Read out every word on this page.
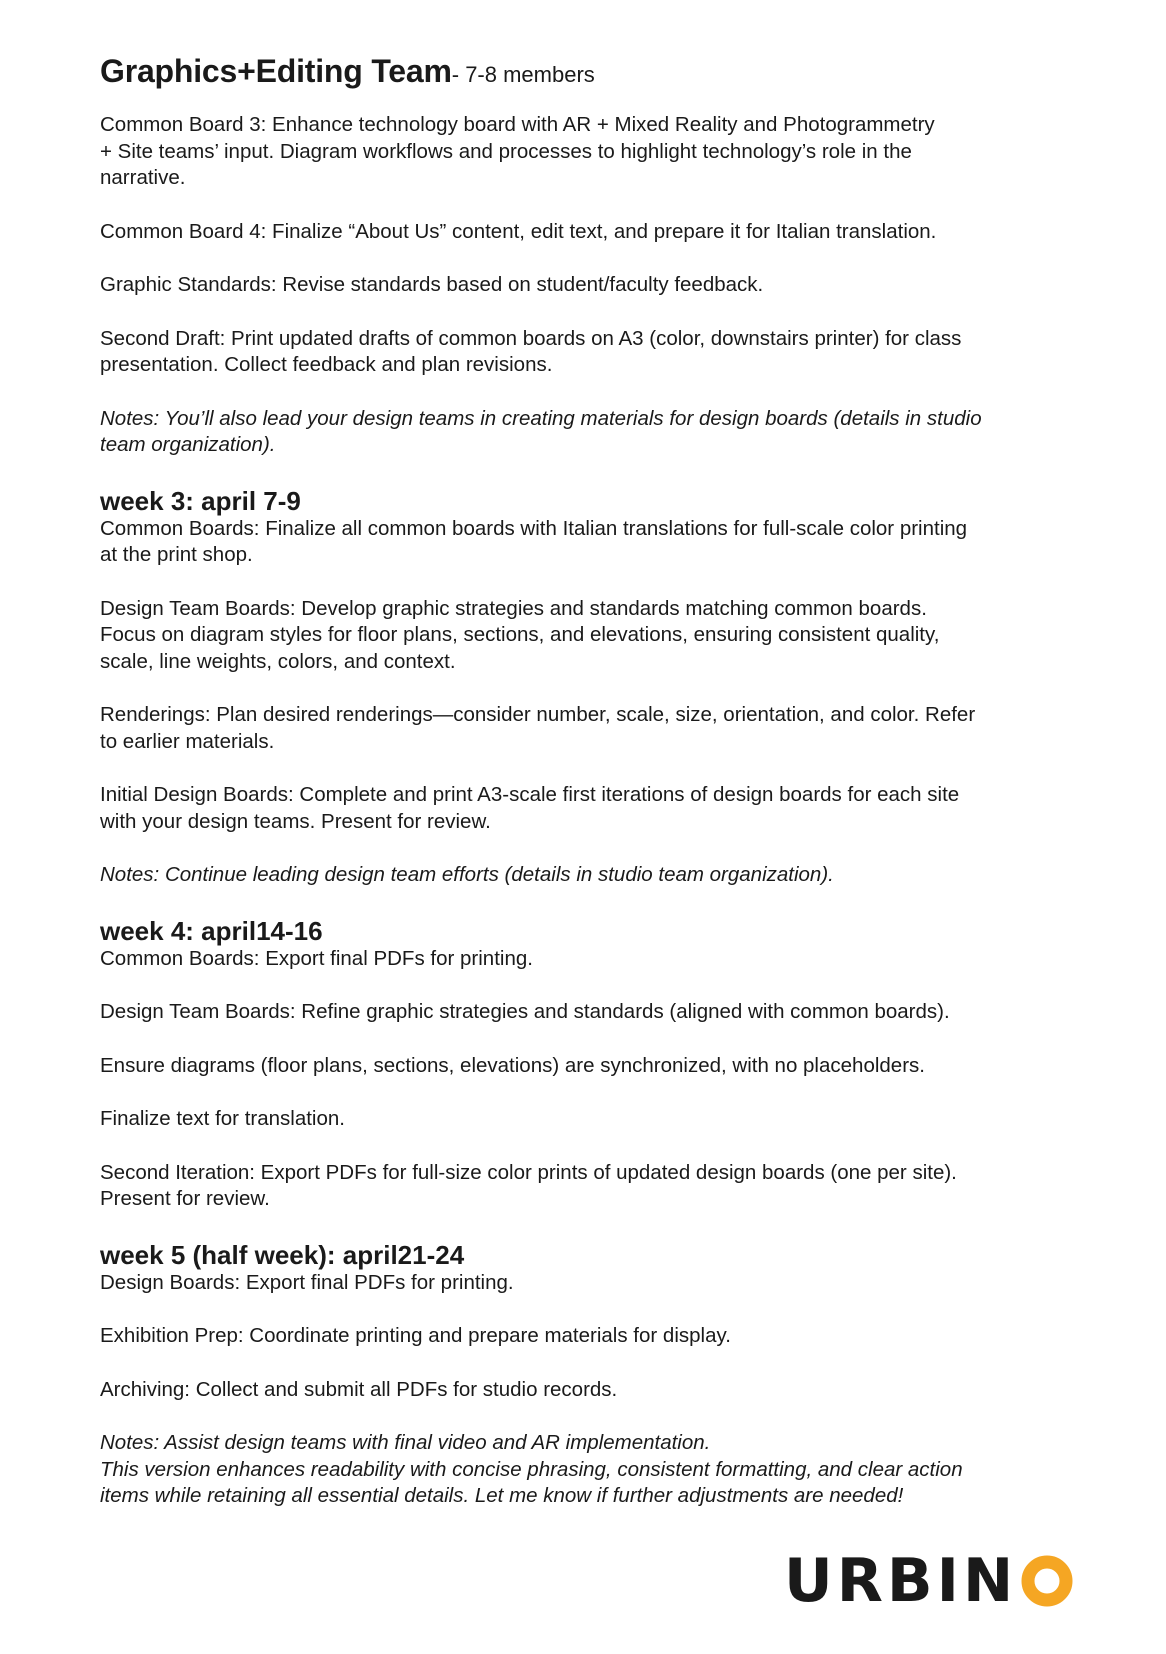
Graphics+Editing Team- 7-8 members

Common Board 3: Enhance technology board with AR + Mixed Reality and Photogrammetry
+ Site teams’ input. Diagram workflows and processes to highlight technology’s role in the
narrative.

Common Board 4: Finalize “About Us” content, edit text, and prepare it for Italian translation.

Graphic Standards: Revise standards based on student/faculty feedback.

Second Draft: Print updated drafts of common boards on A3 (color, downstairs printer) for class
presentation. Collect feedback and plan revisions.

Notes: You’ll also lead your design teams in creating materials for design boards (details in studio
team organization).

week 3: april 7-9

Common Boards: Finalize all common boards with Italian translations for full-scale color printing
at the print shop.

Design Team Boards: Develop graphic strategies and standards matching common boards.
Focus on diagram styles for floor plans, sections, and elevations, ensuring consistent quality,
scale, line weights, colors, and context.

Renderings: Plan desired renderings—consider number, scale, size, orientation, and color. Refer
to earlier materials.

Initial Design Boards: Complete and print A3-scale first iterations of design boards for each site
with your design teams. Present for review.

Notes: Continue leading design team efforts (details in studio team organization).

week 4: april14-16

Common Boards: Export final PDFs for printing.

Design Team Boards: Refine graphic strategies and standards (aligned with common boards).

Ensure diagrams (floor plans, sections, elevations) are synchronized, with no placeholders.

Finalize text for translation.

Second Iteration: Export PDFs for full-size color prints of updated design boards (one per site).
Present for review.

week 5 (half week): april21-24

Design Boards: Export final PDFs for printing.

Exhibition Prep: Coordinate printing and prepare materials for display.

Archiving: Collect and submit all PDFs for studio records.

Notes: Assist design teams with final video and AR implementation.
This version enhances readability with concise phrasing, consistent formatting, and clear action
items while retaining all essential details. Let me know if further adjustments are needed!

URBIN
